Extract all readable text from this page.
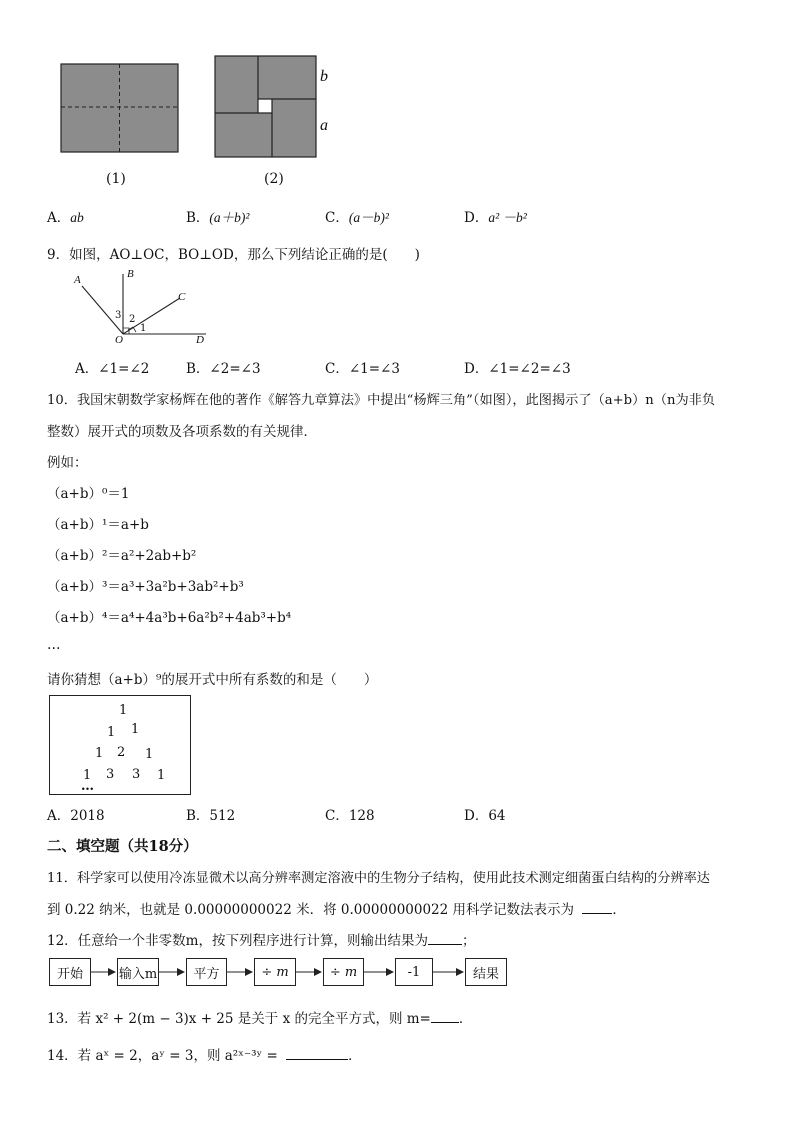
(1)
b
a
(2)
A．ab	B．(a＋b)²	C．(a－b)²	D．a² －b²
9．如图，AO⊥OC，BO⊥OD，那么下列结论正确的是(　　)
A	B
C
O	D
1
2
3
A．∠1=∠2	B．∠2=∠3	C．∠1=∠3	D．∠1=∠2=∠3
10．我国宋朝数学家杨辉在他的著作《解答九章算法》中提出“杨辉三角”（如图），此图揭示了（a+b）n（n为非负
整数）展开式的项数及各项系数的有关规律．
例如：
（a+b）⁰＝1
（a+b）¹＝a+b
（a+b）²＝a²+2ab+b²
（a+b）³＝a³+3a²b+3ab²+b³
（a+b）⁴＝a⁴+4a³b+6a²b²+4ab³+b⁴
…
请你猜想（a+b）⁹的展开式中所有系数的和是（　　）
1
1 1
1 2 1
1 3 3 1
…
A．2018	B．512	C．128	D．64
二、填空题（共18分）
11．科学家可以使用冷冻显微术以高分辨率测定溶液中的生物分子结构，使用此技术测定细菌蛋白结构的分辨率达
到 0.22 纳米，也就是 0.00000000022 米．将 0.00000000022 用科学记数法表示为	．
12．任意给一个非零数m，按下列程序进行计算，则输出结果为	；
开始	输入m	平方	÷ m	÷ m	-1	结果
13．若 x² + 2(m − 3)x + 25 是关于 x 的完全平方式，则 m= ．
14．若 aˣ = 2，aʸ = 3，则 a²ˣ⁻³ʸ =	．
